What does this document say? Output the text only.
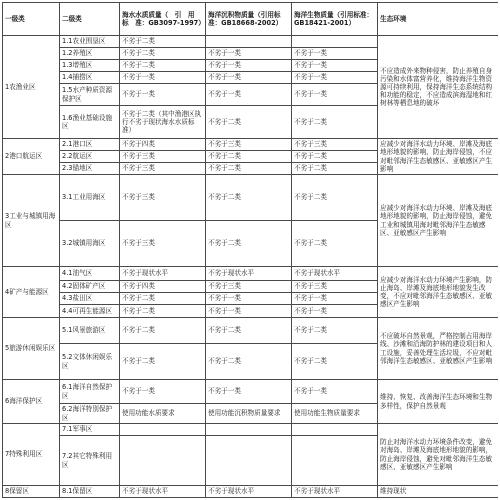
一级类	二级类	海水水质质量（　引　用　标　准：GB3097-1997）	海洋沉积物质量（引用标准：GB18668-2002）	海洋生物质量（引用标准：GB18421-2001）	生态环境
1农渔业区	1.1农业围垦区	不劣于二类			不应造成外来物种侵害，防止养殖自身污染和水体富营养化，维持海洋生物资源可持续利用，保持海洋生态系统结构和功能的稳定，不应造成滨海湿地和红树林等栖息地的破坏
	1.2养殖区	不劣于二类	不劣于一类	不劣于一类	
	1.3增殖区	不劣于二类	不劣于一类	不劣于一类	
	1.4捕捞区	不劣于一类	不劣于一类	不劣于一类	
	1.5水产种质资源保护区	不劣于一类	不劣于一类	不劣于一类	
	1.6渔业基础设施区	不劣于二类（其中渔港区执行不劣于现状海水水质标准）	不劣于二类	不劣于二类	
2港口航运区	2.1港口区	不劣于四类	不劣于三类	不劣于三类	应减少对海洋水动力环境、岸滩及海底地形地貌的影响，防止海岸侵蚀，不应对毗邻海洋生态敏感区、亚敏感区产生影响
	2.2航运区	不劣于三类	不劣于二类	不劣于二类	
	2.3锚地区	不劣于三类	不劣于二类	不劣于二类	
3工业与城镇用海区	3.1工业用海区	不劣于三类	不劣于二类	不劣于二类	应减少对海洋水动力环境、岸滩及海底地形地貌的影响，防止海岸侵蚀，避免工业和城镇用海对毗邻海洋生态敏感区、亚敏感区产生影响
	3.2城镇用海区	不劣于三类	不劣于二类	不劣于二类	
4矿产与能源区	4.1油气区	不劣于现状水平	不劣于现状水平	不劣于现状水平	应减少对海洋水动力环境产生影响，防止海岛、岸滩及海底地形地貌发生改变，不应对毗邻海洋生态敏感区、亚敏感区产生影响
	4.2固体矿产区	不劣于四类	不劣于三类	不劣于三类	
	4.3盐田区	不劣于二类	不劣于一类	不劣于一类	
	4.4可再生能源区	不劣于二类	不劣于一类	不劣于一类	
5旅游休闲娱乐区	5.1风景旅游区	不劣于二类	不劣于二类	不劣于二类	不应破坏自然景观，严格控制占用海岸线、沙滩和沿海防护林的建设项目和人工设施，妥善处理生活垃圾，不应对毗邻海洋生态敏感区、亚敏感区产生影响
	5.2文体休闲娱乐区	不劣于二类	不劣于二类	不劣于二类	
6海洋保护区	6.1海洋自然保护区	不劣于一类	不劣于一类	不劣于一类	维持、恢复、改善海洋生态环境和生物多样性，保护自然景观
	6.2海洋特别保护区	使用功能水质要求	使用功能沉积物质量要求	使用功能生物质量要求	
7特殊利用区	7.1军事区				防止对海洋水动力环境条件改变，避免对海岛、岸滩及海底地形地貌的影响，防止海岸侵蚀，避免对毗邻海洋生态敏感区、亚敏感区产生影响
	7.2其它特殊利用区				
8保留区	8.1保留区	不劣于现状水平	不劣于现状水平	不劣于现状水平	维持现状
